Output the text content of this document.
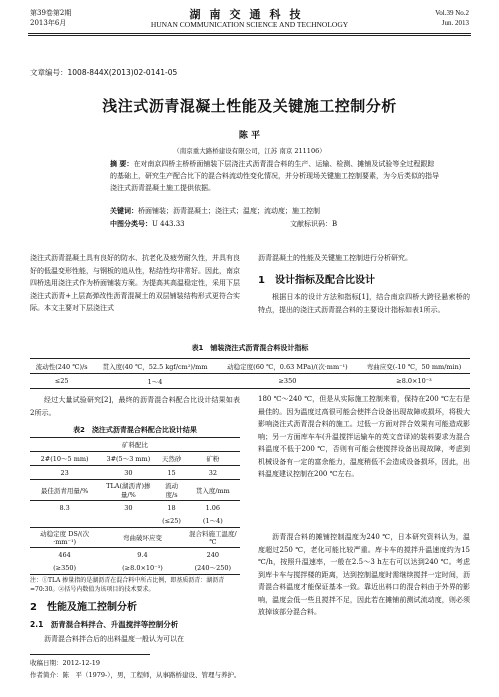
第39卷第2期
2013年6月
湖南交通科技
HUNAN COMMUNICATION SCIENCE AND TECHNOLOGY
Vol.39 No.2
Jun. 2013
文章编号：1008-844X(2013)02-0141-05
浅注式沥青混凝土性能及关键施工控制分析
陈 平
（南京重大路桥建设有限公司，江苏 南京 211106）
摘 要：在对南京四桥主桥桥面铺装下层浇注式沥青混合料的生产、运输、检测、摊铺及试验等全过程跟踪的基础上，研究生产配合比下的混合料流动性变化情况，并分析现场关键施工控制要素，为今后类似的指导浇注式沥青混凝土施工提供依据。
关键词：桥面铺装；沥青混凝土；浇注式；温度；流动度；施工控制
中图分类号：U 443.33	文献标识码：B
浇注式沥青混凝土具有良好的防水、抗老化及疲劳耐久性，并具有良好的低温变形性能，与钢板的追从性，粘结性均非常好。因此，南京四桥选用浇注式作为桥面铺装方案。为提高其高温稳定性，采用下层浇注式沥青+上层高弹改性沥青混凝土的双层铺装结构形式更符合实际。本文主要对下层浇注式
沥青混凝土的性能及关键施工控制进行分析研究。
1　设计指标及配合比设计
根据日本的设计方法和指标[1]，结合南京四桥大跨径悬索桥的特点，提出的浇注式沥青混合料的主要设计指标如表1所示。
表1　铺装浇注式沥青混合料设计指标
流动性(240 ℃)/s	贯入度(40 ℃，52.5 kgf/cm²)/mm	动稳定度(60 ℃，0.63 MPa)/(次·mm⁻¹)	弯曲应变(-10 ℃，50 mm/min)
≤25	1～4	≥350	≥8.0×10⁻³
经过大量试验研究[2]，最终的沥青混合料配合比设计结果如表2所示。
表2　浇注式沥青混合料配合比设计结果
矿料配比			
2#(10～5 mm)	3#(5～3 mm)	天然砂	矿粉
23	30	15	32
最佳沥青用量/%	TLA(湖沥青)掺量/%	流动度/s	贯入度/mm
8.3	30	18	1.06
		(≤25)	(1～4)
动稳定度 DS/(次·mm⁻¹)	弯曲破坏应变		混合料施工温度/℃
464	9.4		240
(≥350)	(≥8.0×10⁻³)		(240～250)
注：①TLA 掺量指的是湖沥青在混合料中所占比例，即基质沥青：湖沥青=70:30。②括号内数值为该项目的技术要求。
2　性能及施工控制分析
2.1　沥青混合料拌合、升温搅拌等控制分析
沥青混合料拌合后的出料温度一般认为可以在
180 ℃～240 ℃，但是从实际施工控制来看，保持在200 ℃左右是最佳的。因为温度过高很可能会使拌合设备出现故障或损坏，将极大影响浇注式沥青混合料的施工。过低一方面对拌合效果有可能造成影响；另一方面库车车(升温搅拌运输车的英文音译)的装料要求为混合料温度不低于200 ℃，否则有可能会使搅拌设备出现故障，考虑到机械设备有一定的富余能力，温度稍低不会造成设备损坏，因此，出料温度建议控制在200 ℃左右。
沥青混合料的摊铺控制温度为240 ℃，日本研究资料认为，温度超过250 ℃，老化可能比较严重。库卡车的搅拌升温速度约为15 ℃/h，按照升温速率，一般在2.5～3 h左右可以达到240 ℃。考虑到库卡车与搅拌楼的距离，达到控制温度时需继续搅拌一定时间，沥青混合料温度才能保证基本一致。靠近出料口的混合料由于外界的影响，温度会低一些且搅拌不足，因此若在摊铺前测试流动度，则必须放掉该部分混合料。
收稿日期：2012-12-19
作者简介：陈　平（1979-），男，工程师，从事路桥建设、管理与养护。
